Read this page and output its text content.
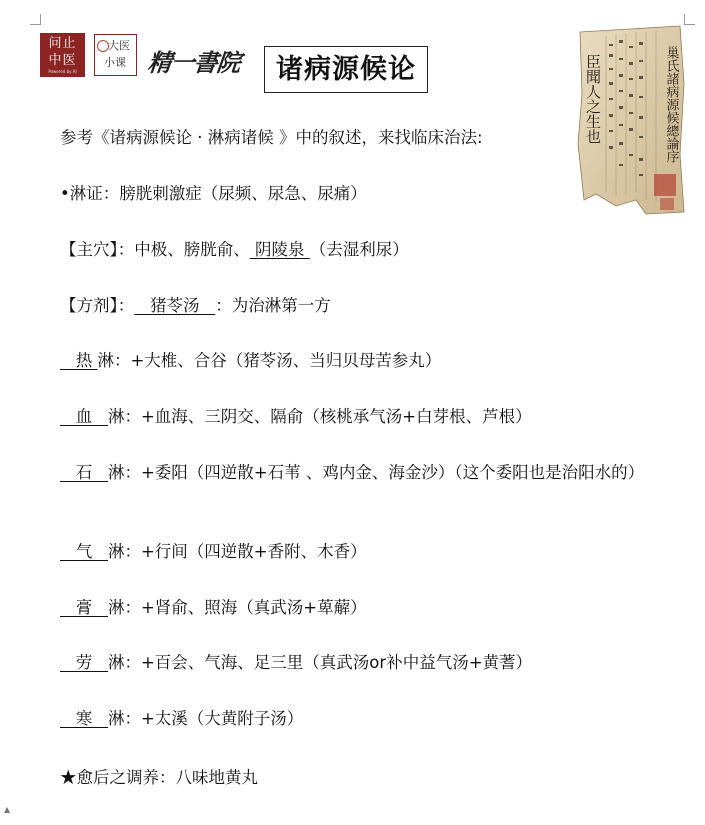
问止
中医
Powered by AI
大医
小课 精一書院	诸病源候论	巢氏諸病源候總論序
臣聞人之生也
参考《诸病源候论 · 淋病诸候 》中的叙述，来找临床治法:
•淋证：膀胱刺激症（尿频、尿急、尿痛）
【主穴】：中极、膀胱俞、 阴陵泉 （去湿利尿）
【方剂】：   猪苓汤   ：为治淋第一方
热 淋：+大椎、合谷（猪苓汤、当归贝母苦参丸）
血   淋：+血海、三阴交、隔俞（核桃承气汤+白芽根、芦根）
石   淋：+委阳（四逆散+石苇 、鸡内金、海金沙）（这个委阳也是治阳水的）
气   淋：+行间（四逆散+香附、木香）
膏   淋：+肾俞、照海（真武汤+萆薢）
劳   淋：+百会、气海、足三里（真武汤or补中益气汤+黄蓍）
寒   淋：+太溪（大黄附子汤）
★愈后之调养：八味地黄丸
▲
